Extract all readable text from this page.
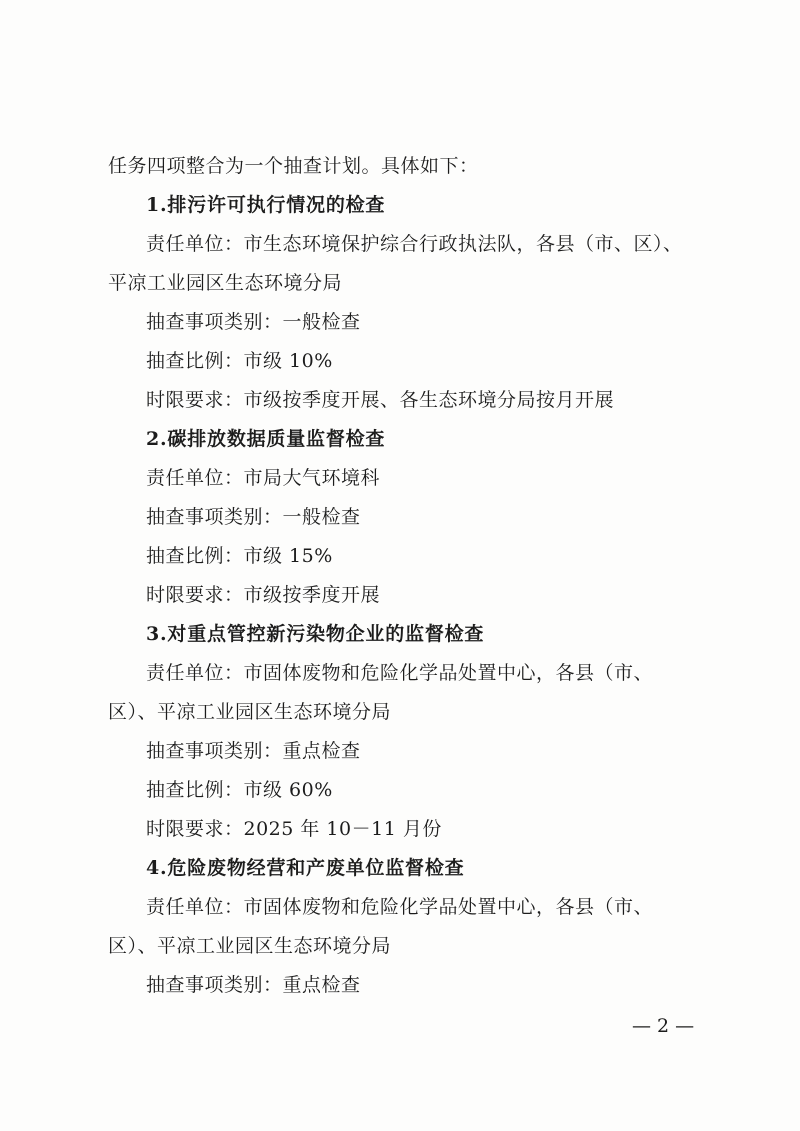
任务四项整合为一个抽查计划。具体如下：
1.排污许可执行情况的检查
责任单位：市生态环境保护综合行政执法队，各县（市、区）、
平凉工业园区生态环境分局
抽查事项类别：一般检查
抽查比例：市级 10%
时限要求：市级按季度开展、各生态环境分局按月开展
2.碳排放数据质量监督检查
责任单位：市局大气环境科
抽查事项类别：一般检查
抽查比例：市级 15%
时限要求：市级按季度开展
3.对重点管控新污染物企业的监督检查
责任单位：市固体废物和危险化学品处置中心，各县（市、
区）、平凉工业园区生态环境分局
抽查事项类别：重点检查
抽查比例：市级 60%
时限要求：2025 年 10－11 月份
4.危险废物经营和产废单位监督检查
责任单位：市固体废物和危险化学品处置中心，各县（市、
区）、平凉工业园区生态环境分局
抽查事项类别：重点检查
— 2 —
